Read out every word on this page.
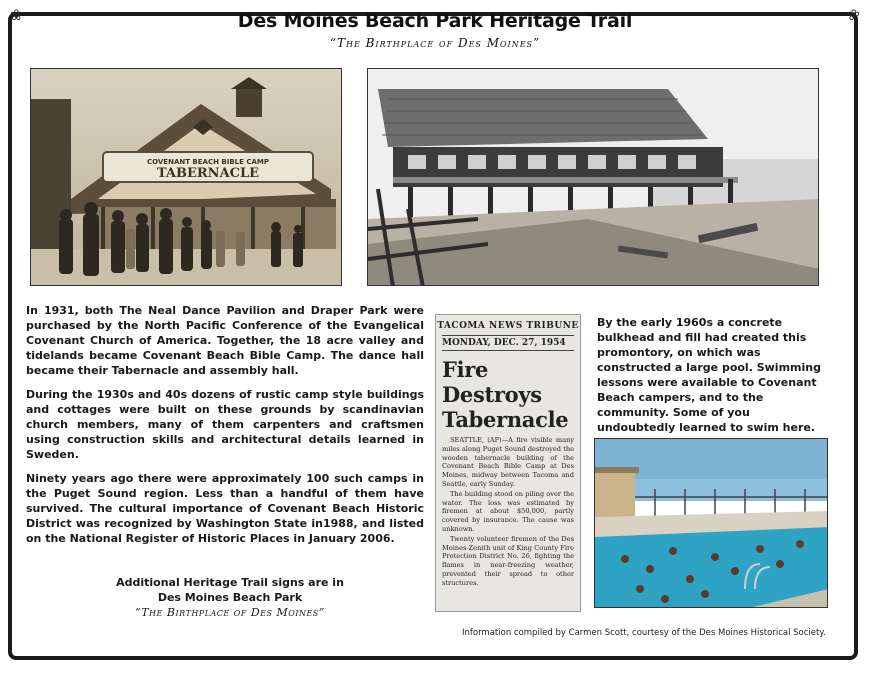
❀	❀
Des Moines Beach Park Heritage Trail
“The Birthplace of Des Moines”
COVENANT BEACH BIBLE CAMP
TABERNACLE

In 1931, both The Neal Dance Pavilion and Draper Park were purchased by the North Pacific Conference of the Evangelical Covenant Church of America. Together, the 18 acre valley and tidelands became Covenant Beach Bible Camp. The dance hall became their Tabernacle and assembly hall.

During the 1930s and 40s dozens of rustic camp style buildings and cottages were built on these grounds by scandinavian church members, many of them carpenters and craftsmen using construction skills and architectural details learned in Sweden.

Ninety years ago there were approximately 100 such camps in the Puget Sound region. Less than a handful of them have survived. The cultural importance of Covenant Beach Historic District was recognized by Washington State in1988, and listed on the National Register of Historic Places in January 2006.

Additional Heritage Trail signs are in
Des Moines Beach Park
“The Birthplace of Des Moines”
TACOMA NEWS TRIBUNE
MONDAY, DEC. 27, 1954
Fire Destroys
Tabernacle

SEATTLE, (AP)—A fire visible many miles along Puget Sound destroyed the wooden tabernacle building of the Covenant Beach Bible Camp at Des Moines, midway between Tacoma and Seattle, early Sunday.

The building stood on piling over the water. The loss was estimated by firemen at about $50,000, partly covered by insurance. The cause was unknown.

Twenty volunteer firemen of the Des Moines-Zenith unit of King County Fire Protection District No. 26, fighting the flames in near-freezing weather, prevented their spread to other structures.

By the early 1960s a concrete bulkhead and fill had created this promontory, on which was constructed a large pool. Swimming lessons were available to Covenant Beach campers, and to the community. Some of you undoubtedly learned to swim here.
Information compiled by Carmen Scott, courtesy of the Des Moines Historical Society.
